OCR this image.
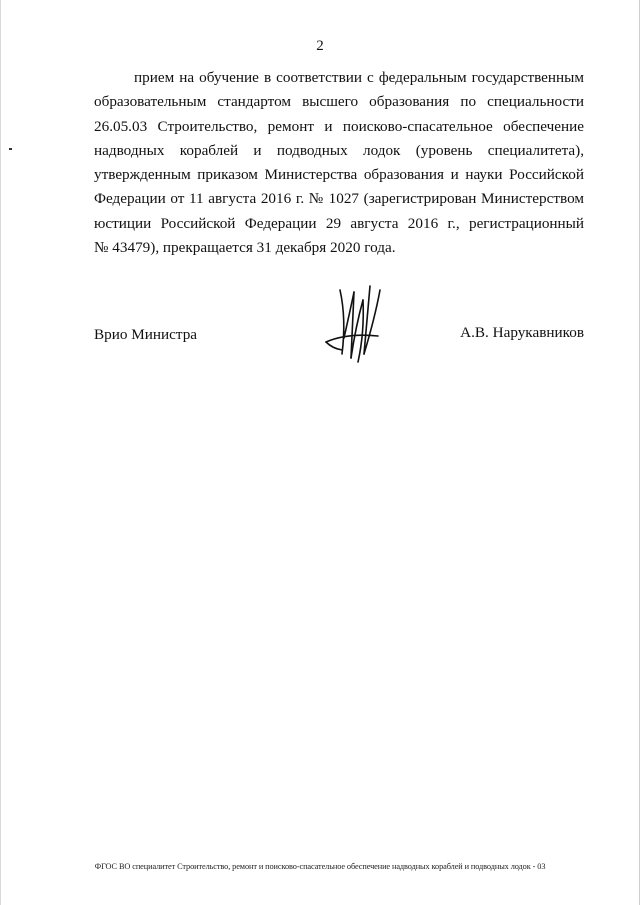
2
прием на обучение в соответствии с федеральным государственным
образовательным стандартом высшего образования по специальности
26.05.03 Строительство, ремонт и поисково-спасательное обеспечение
надводных кораблей и подводных лодок (уровень специалитета),
утвержденным приказом Министерства образования и науки Российской
Федерации от 11 августа 2016 г. № 1027 (зарегистрирован Министерством
юстиции Российской Федерации 29 августа 2016 г., регистрационный
№ 43479), прекращается 31 декабря 2020 года.
Врио Министра	А.В. Нарукавников
ФГОС ВО специалитет Строительство, ремонт и поисково-спасательное обеспечение надводных кораблей и подводных лодок - 03
